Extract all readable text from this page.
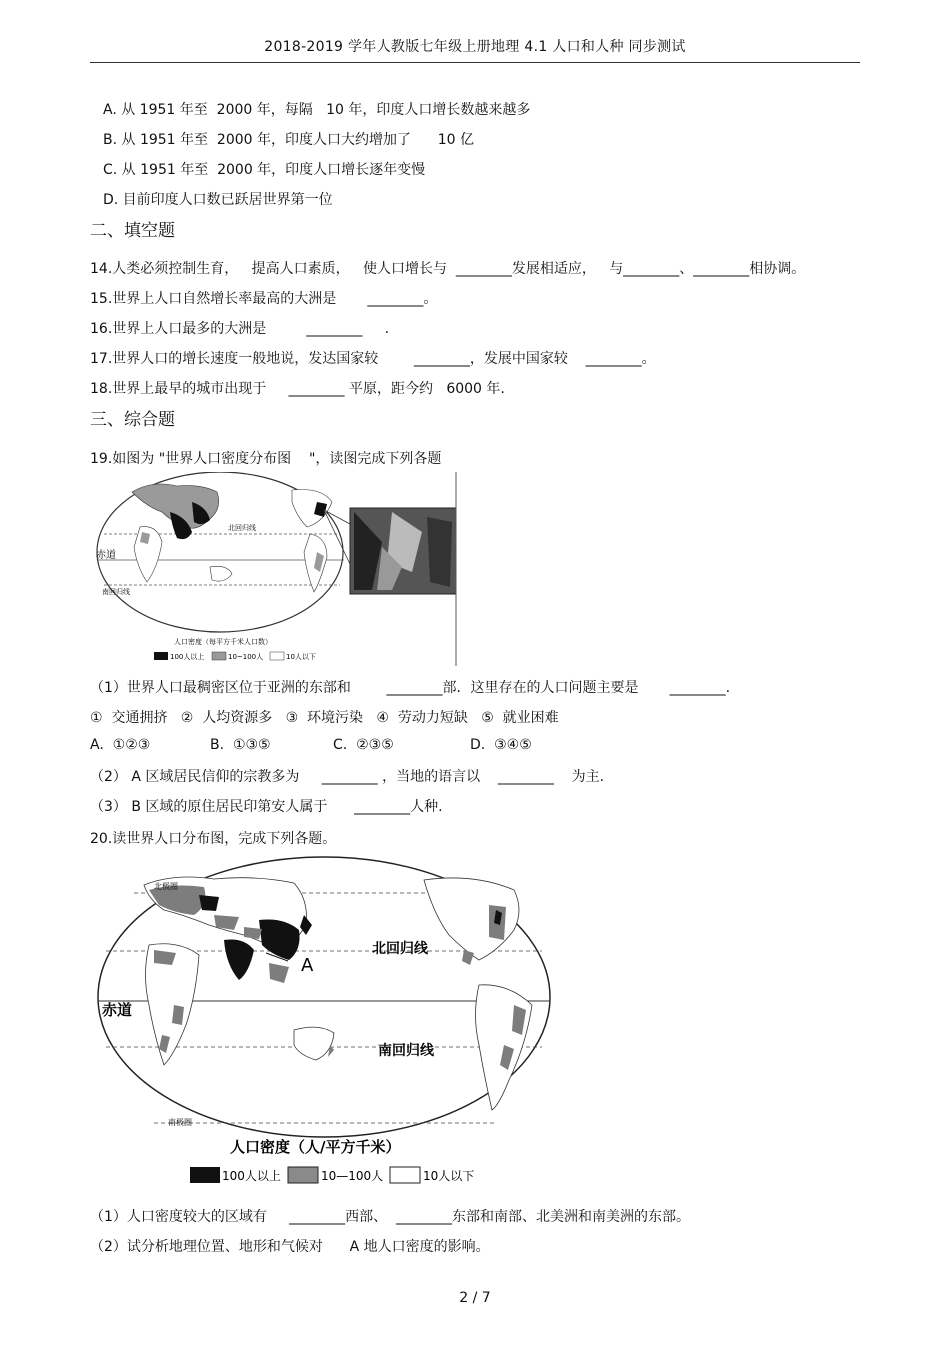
2018-2019 学年人教版七年级上册地理 4.1 人口和人种 同步测试
A. 从 1951 年至  2000 年，每隔   10 年，印度人口增长数越来越多
B. 从 1951 年至  2000 年，印度人口大约增加了      10 亿
C. 从 1951 年至  2000 年，印度人口增长逐年变慢
D. 目前印度人口数已跃居世界第一位
二、填空题
14.人类必须控制生育，   提高人口素质，   使人口增长与  ________发展相适应，   与________、________相协调。
15.世界上人口自然增长率最高的大洲是       ________。
16.世界上人口最多的大洲是         ________     .
17.世界人口的增长速度一般地说，发达国家较        ________，发展中国家较    ________。
18.世界上最早的城市出现于     ________ 平原，距今约   6000 年.
三、综合题
19.如图为 "世界人口密度分布图    "，读图完成下列各题
北回归线
赤道
南回归线
人口密度（每平方千米人口数）
100人以上	10~100人	10人以下
（1）世界人口最稠密区位于亚洲的东部和        ________部．这里存在的人口问题主要是       ________.
①  交通拥挤   ②  人均资源多   ③  环境污染   ④  劳动力短缺   ⑤  就业困难
A.  ①②③	B.  ①③⑤	C.  ②③⑤	D.  ③④⑤
（2） A 区域居民信仰的宗教多为     ________ ，当地的语言以    ________    为主.
（3） B 区域的原住居民印第安人属于      ________人种.
20.读世界人口分布图，完成下列各题。
北极圈
北回归线
A
赤道
南回归线
南极圈
人口密度（人/平方千米）
100人以上	10—100人	10人以下
（1）人口密度较大的区域有     ________西部、  ________东部和南部、北美洲和南美洲的东部。
（2）试分析地理位置、地形和气候对      A 地人口密度的影响。
2 / 7
